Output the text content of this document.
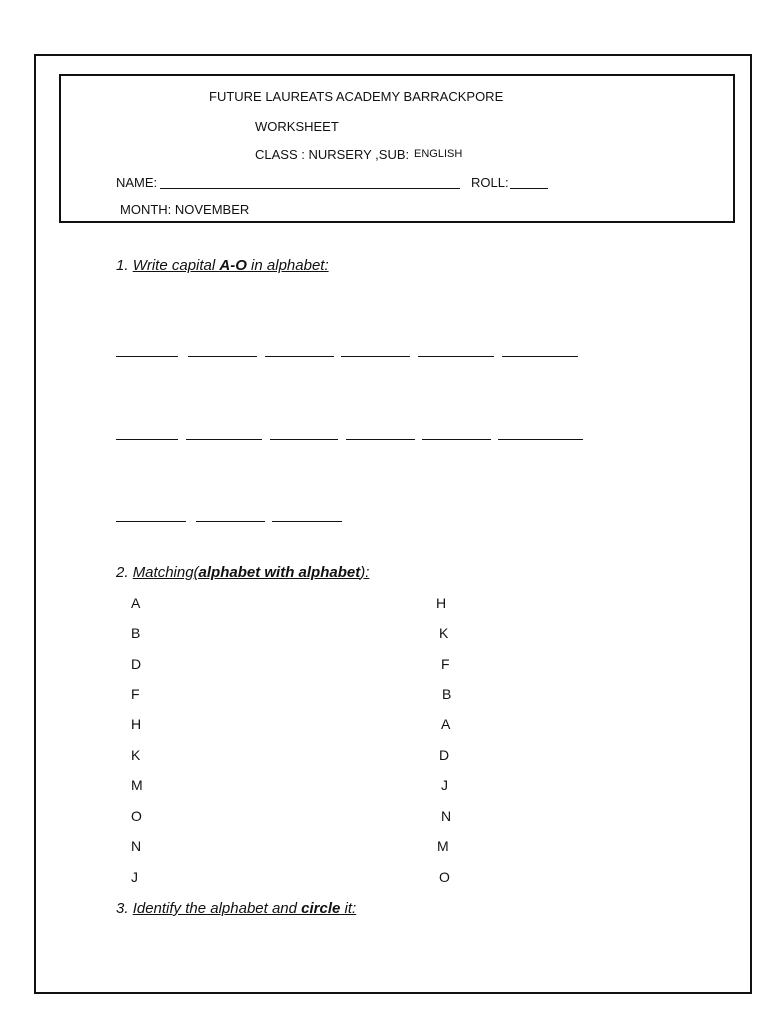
FUTURE LAUREATS ACADEMY BARRACKPORE
WORKSHEET
CLASS : NURSERY ,SUB: ENGLISH
NAME:	ROLL:
MONTH: NOVEMBER
1. Write capital A-O in alphabet:
2. Matching(alphabet with alphabet):
A
B
D
F
H
K
M
O
N
J
H
K
F
B
A
D
J
N
M
O
3. Identify the alphabet and circle it:
